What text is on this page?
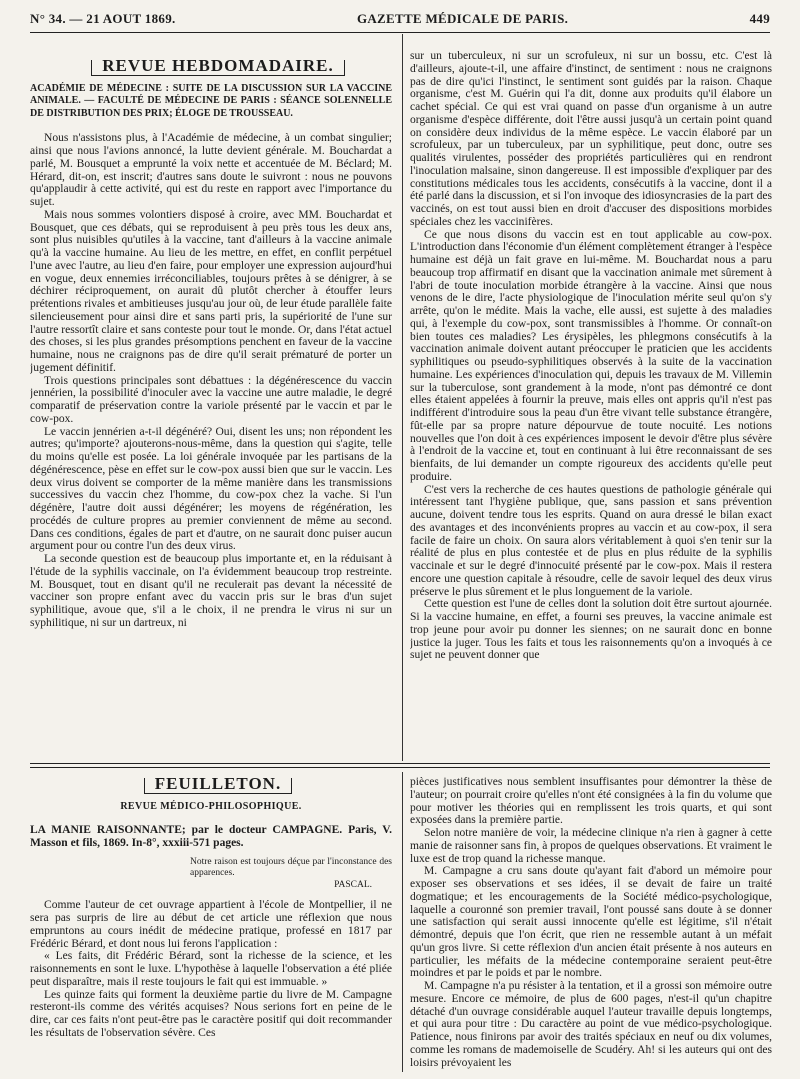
N° 34. — 21 AOUT 1869.	GAZETTE MÉDICALE DE PARIS.	449

REVUE HEBDOMADAIRE.

ACADÉMIE DE MÉDECINE : SUITE DE LA DISCUSSION SUR LA VACCINE ANIMALE. — FACULTÉ DE MÉDECINE DE PARIS : SÉANCE SOLENNELLE DE DISTRIBUTION DES PRIX; ÉLOGE DE TROUSSEAU.

Nous n'assistons plus, à l'Académie de médecine, à un combat singulier; ainsi que nous l'avions annoncé, la lutte devient générale. M. Bouchardat a parlé, M. Bousquet a emprunté la voix nette et accentuée de M. Béclard; M. Hérard, dit-on, est inscrit; d'autres sans doute le suivront : nous ne pouvons qu'applaudir à cette activité, qui est du reste en rapport avec l'importance du sujet.

Mais nous sommes volontiers disposé à croire, avec MM. Bouchardat et Bousquet, que ces débats, qui se reproduisent à peu près tous les deux ans, sont plus nuisibles qu'utiles à la vaccine, tant d'ailleurs à la vaccine animale qu'à la vaccine humaine. Au lieu de les mettre, en effet, en conflit perpétuel l'une avec l'autre, au lieu d'en faire, pour employer une expression aujourd'hui en vogue, deux ennemies irréconciliables, toujours prêtes à se dénigrer, à se déchirer réciproquement, on aurait dû plutôt chercher à étouffer leurs prétentions rivales et ambitieuses jusqu'au jour où, de leur étude parallèle faite silencieusement pour ainsi dire et sans parti pris, la supériorité de l'une sur l'autre ressortît claire et sans conteste pour tout le monde. Or, dans l'état actuel des choses, si les plus grandes présomptions penchent en faveur de la vaccine humaine, nous ne craignons pas de dire qu'il serait prématuré de porter un jugement définitif.

Trois questions principales sont débattues : la dégénérescence du vaccin jennérien, la possibilité d'inoculer avec la vaccine une autre maladie, le degré comparatif de préservation contre la variole présenté par le vaccin et par le cow-pox.

Le vaccin jennérien a-t-il dégénéré? Oui, disent les uns; non répondent les autres; qu'importe? ajouterons-nous-même, dans la question qui s'agite, telle du moins qu'elle est posée. La loi générale invoquée par les partisans de la dégénérescence, pèse en effet sur le cow-pox aussi bien que sur le vaccin. Les deux virus doivent se comporter de la même manière dans les transmissions successives du vaccin chez l'homme, du cow-pox chez la vache. Si l'un dégénère, l'autre doit aussi dégénérer; les moyens de régénération, les procédés de culture propres au premier conviennent de même au second. Dans ces conditions, égales de part et d'autre, on ne saurait donc puiser aucun argument pour ou contre l'un des deux virus.

La seconde question est de beaucoup plus importante et, en la réduisant à l'étude de la syphilis vaccinale, on l'a évidemment beaucoup trop restreinte. M. Bousquet, tout en disant qu'il ne reculerait pas devant la nécessité de vacciner son propre enfant avec du vaccin pris sur le bras d'un sujet syphilitique, avoue que, s'il a le choix, il ne prendra le virus ni sur un syphilitique, ni sur un dartreux, ni

sur un tuberculeux, ni sur un scrofuleux, ni sur un bossu, etc. C'est là d'ailleurs, ajoute-t-il, une affaire d'instinct, de sentiment : nous ne craignons pas de dire qu'ici l'instinct, le sentiment sont guidés par la raison. Chaque organisme, c'est M. Guérin qui l'a dit, donne aux produits qu'il élabore un cachet spécial. Ce qui est vrai quand on passe d'un organisme à un autre organisme d'espèce différente, doit l'être aussi jusqu'à un certain point quand on considère deux individus de la même espèce. Le vaccin élaboré par un scrofuleux, par un tuberculeux, par un syphilitique, peut donc, outre ses qualités virulentes, posséder des propriétés particulières qui en rendront l'inoculation malsaine, sinon dangereuse. Il est impossible d'expliquer par des constitutions médicales tous les accidents, consécutifs à la vaccine, dont il a été parlé dans la discussion, et si l'on invoque des idiosyncrasies de la part des vaccinés, on est tout aussi bien en droit d'accuser des dispositions morbides spéciales chez les vaccinifères.

Ce que nous disons du vaccin est en tout applicable au cow-pox. L'introduction dans l'économie d'un élément complètement étranger à l'espèce humaine est déjà un fait grave en lui-même. M. Bouchardat nous a paru beaucoup trop affirmatif en disant que la vaccination animale met sûrement à l'abri de toute inoculation morbide étrangère à la vaccine. Ainsi que nous venons de le dire, l'acte physiologique de l'inoculation mérite seul qu'on s'y arrête, qu'on le médite. Mais la vache, elle aussi, est sujette à des maladies qui, à l'exemple du cow-pox, sont transmissibles à l'homme. Or connaît-on bien toutes ces maladies? Les érysipèles, les phlegmons consécutifs à la vaccination animale doivent autant préoccuper le praticien que les accidents syphilitiques ou pseudo-syphilitiques observés à la suite de la vaccination humaine. Les expériences d'inoculation qui, depuis les travaux de M. Villemin sur la tuberculose, sont grandement à la mode, n'ont pas démontré ce dont elles étaient appelées à fournir la preuve, mais elles ont appris qu'il n'est pas indifférent d'introduire sous la peau d'un être vivant telle substance étrangère, fût-elle par sa propre nature dépourvue de toute nocuité. Les notions nouvelles que l'on doit à ces expériences imposent le devoir d'être plus sévère à l'endroit de la vaccine et, tout en continuant à lui être reconnaissant de ses bienfaits, de lui demander un compte rigoureux des accidents qu'elle peut produire.

C'est vers la recherche de ces hautes questions de pathologie générale qui intéressent tant l'hygiène publique, que, sans passion et sans prévention aucune, doivent tendre tous les esprits. Quand on aura dressé le bilan exact des avantages et des inconvénients propres au vaccin et au cow-pox, il sera facile de faire un choix. On saura alors véritablement à quoi s'en tenir sur la réalité de plus en plus contestée et de plus en plus réduite de la syphilis vaccinale et sur le degré d'innocuité présenté par le cow-pox. Mais il restera encore une question capitale à résoudre, celle de savoir lequel des deux virus préserve le plus sûrement et le plus longuement de la variole.

Cette question est l'une de celles dont la solution doit être surtout ajournée. Si la vaccine humaine, en effet, a fourni ses preuves, la vaccine animale est trop jeune pour avoir pu donner les siennes; on ne saurait donc en bonne justice la juger. Tous les faits et tous les raisonnements qu'on a invoqués à ce sujet ne peuvent donner que

FEUILLETON.

REVUE MÉDICO-PHILOSOPHIQUE.

LA MANIE RAISONNANTE; par le docteur CAMPAGNE. Paris, V. Masson et fils, 1869. In-8°, xxxiii-571 pages.

Notre raison est toujours déçue par l'inconstance des apparences.

PASCAL.

Comme l'auteur de cet ouvrage appartient à l'école de Montpellier, il ne sera pas surpris de lire au début de cet article une réflexion que nous empruntons au cours inédit de médecine pratique, professé en 1817 par Frédéric Bérard, et dont nous lui ferons l'application :

« Les faits, dit Frédéric Bérard, sont la richesse de la science, et les raisonnements en sont le luxe. L'hypothèse à laquelle l'observation a été pliée peut disparaître, mais il reste toujours le fait qui est immuable. »

Les quinze faits qui forment la deuxième partie du livre de M. Campagne resteront-ils comme des vérités acquises? Nous serions fort en peine de le dire, car ces faits n'ont peut-être pas le caractère positif qui doit recommander les résultats de l'observation sévère. Ces

pièces justificatives nous semblent insuffisantes pour démontrer la thèse de l'auteur; on pourrait croire qu'elles n'ont été consignées à la fin du volume que pour motiver les théories qui en remplissent les trois quarts, et qui sont exposées dans la première partie.

Selon notre manière de voir, la médecine clinique n'a rien à gagner à cette manie de raisonner sans fin, à propos de quelques observations. Et vraiment le luxe est de trop quand la richesse manque.

M. Campagne a cru sans doute qu'ayant fait d'abord un mémoire pour exposer ses observations et ses idées, il se devait de faire un traité dogmatique; et les encouragements de la Société médico-psychologique, laquelle a couronné son premier travail, l'ont poussé sans doute à se donner une satisfaction qui serait aussi innocente qu'elle est légitime, s'il n'était démontré, depuis que l'on écrit, que rien ne ressemble autant à un méfait qu'un gros livre. Si cette réflexion d'un ancien était présente à nos auteurs en particulier, les méfaits de la médecine contemporaine seraient peut-être moindres et par le poids et par le nombre.

M. Campagne n'a pu résister à la tentation, et il a grossi son mémoire outre mesure. Encore ce mémoire, de plus de 600 pages, n'est-il qu'un chapitre détaché d'un ouvrage considérable auquel l'auteur travaille depuis longtemps, et qui aura pour titre : Du caractère au point de vue médico-psychologique. Patience, nous finirons par avoir des traités spéciaux en neuf ou dix volumes, comme les romans de mademoiselle de Scudéry. Ah! si les auteurs qui ont des loisirs prévoyaient les
